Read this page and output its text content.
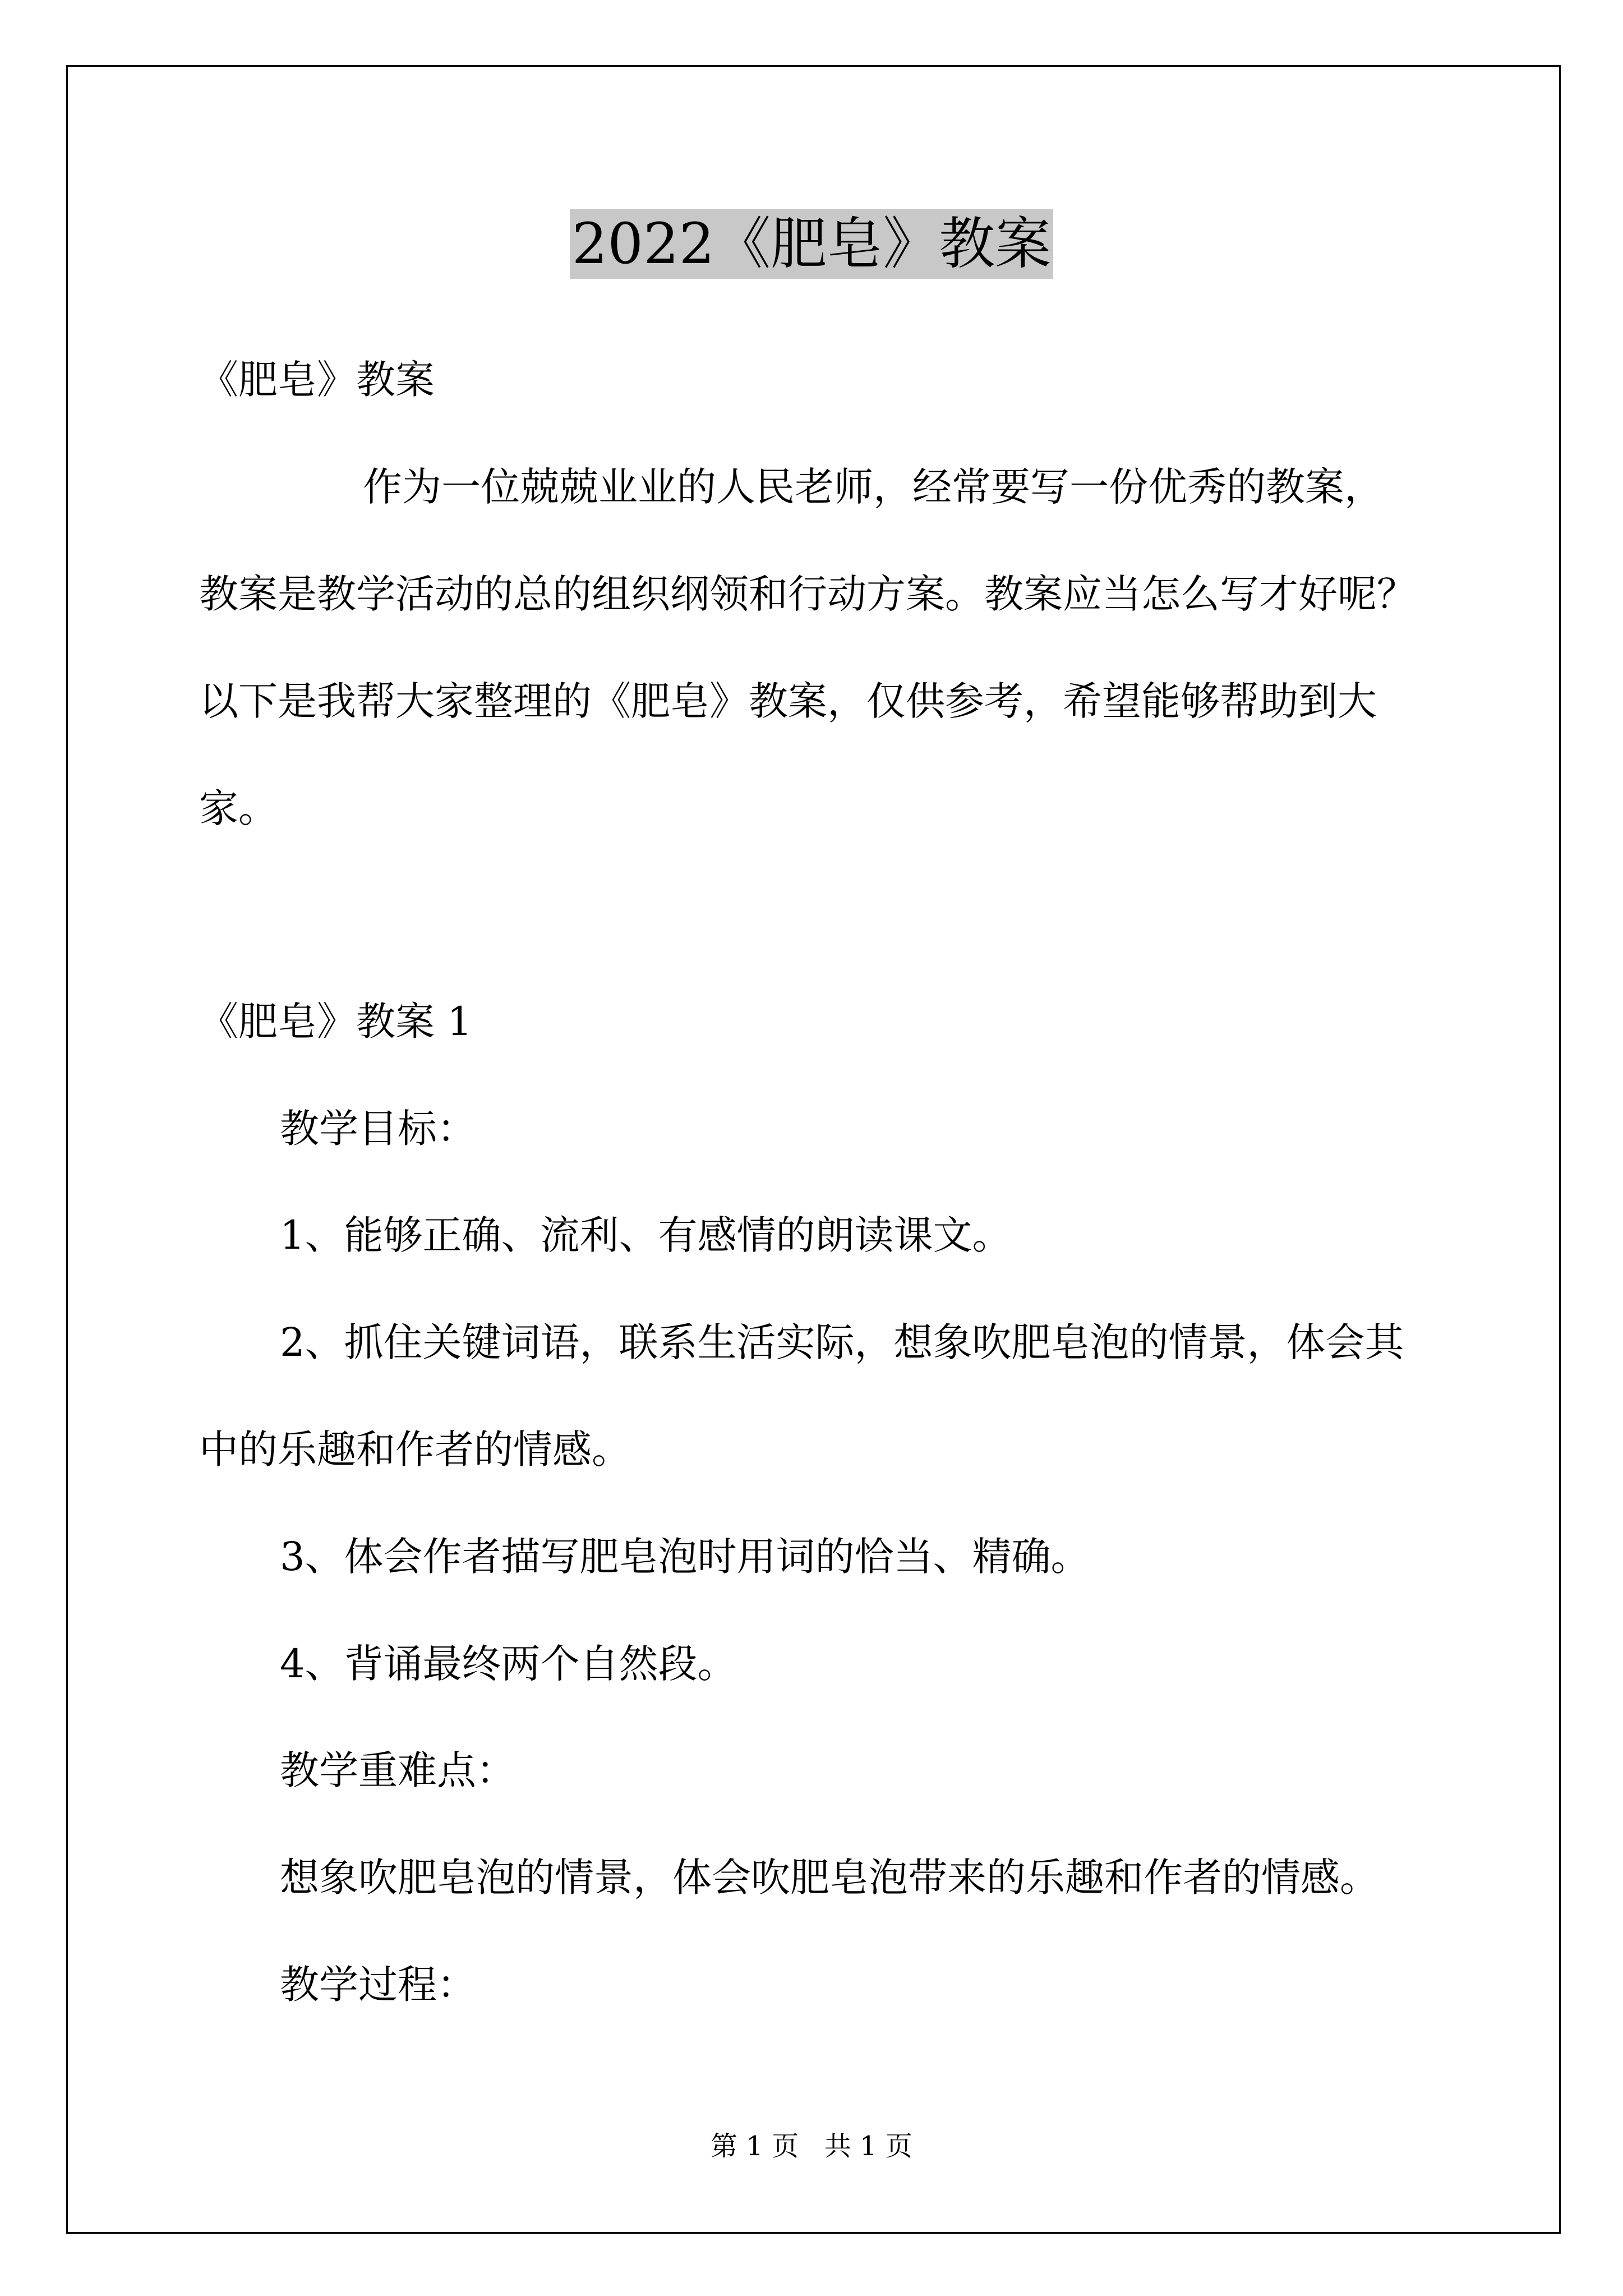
2022《肥皂》教案
《肥皂》教案
作为一位兢兢业业的人民老师，经常要写一份优秀的教案，
教案是教学活动的总的组织纲领和行动方案。教案应当怎么写才好呢？
以下是我帮大家整理的《肥皂》教案，仅供参考，希望能够帮助到大
家。
《肥皂》教案 1
教学目标：
1、能够正确、流利、有感情的朗读课文。
2、抓住关键词语，联系生活实际，想象吹肥皂泡的情景，体会其
中的乐趣和作者的情感。
3、体会作者描写肥皂泡时用词的恰当、精确。
4、背诵最终两个自然段。
教学重难点：
想象吹肥皂泡的情景，体会吹肥皂泡带来的乐趣和作者的情感。
教学过程：
第 1 页   共 1 页
